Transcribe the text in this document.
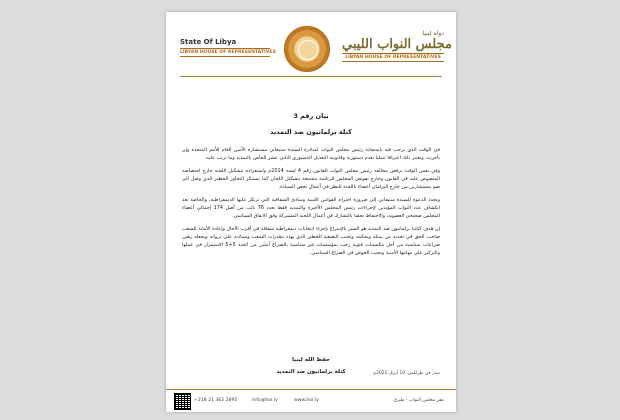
State Of Libya
LIBYAN HOUSE OF REPRESENTATIVES
دولة ليبيا
مجلس النواب الليبي
LIBYAN HOUSE OF REPRESENTATIVES
بيان رقم 3
كتلة برلمانيون ضد التمديد

في الوقت الذي نرحب فيه باستجابة رئيس مجلس النواب لمبادرة السيدة ستيفاني مستشارة الأمين العام للأمم المتحدة وإن تأخرت، ونعتبر ذلك اعترافا عمليا بعدم دستورية وقانونية التعديل الدستوري الثاني عشر الخاص بالتمديد وما ترتب عليه.

وفي نفس الوقت نرفض مخالفة رئيس مجلس النواب للقانون رقم 4 لسنة 2014م واستفراده بتشكيل اللجنة خارج اختصاصه المنصوص عليه في القانون وخارج تفويض المجلس للرئاسة مجتمعة بتشكيل اللجان كما نستنكر التجاوز الخطير الذي وصل الى ضم مستشارين من خارج البرلمان أعضاء باللجنة للنظر في أعمال تخص السيادة.

ونجدد الدعوة للسيدة ستيفاني إلى ضرورة احترام القوانين الليبية ومبادئ الشفافية التي ترتكز عليها الديمقراطية، والخاصة بعد انكشاف عدد النواب المؤيدين لإجراءات رئيس المجلس الأخيرة والتمديد فقط بعدد 76 نائب من أصل 174 إجمالي أعضاء المجلس صحيحي العضوية، والاحتفاظ بحقنا بالتشارك في أعمال اللجنة المشتركة وفق الاتفاق السياسي.

إن هدف كتلتنا برلمانيون ضد التمديد هو السير بالإسراع بإجراء انتخابات ديمقراطية شفافة في أقرب الآجال وإعادة الأمانة للشعب صاحب الحق في تحديد من يمثله ويحكمه وتجنب التصعيد الخطير الذي يهدد مقدرات الشعب وسيادته على ثرواته ويجعله رهين صراعات سياسية من أجل مكتسبات فئوية زجت بمؤسسات غير سياسية بالصراع أملين من الجنة 5+5 الاستمرار في عملها والتركيز على مهامها الأمنية وتجنب الخوض في الصراع السياسي.

حفظ الله ليبيا
كتلة برلمانيون ضد التمديد	صدر في طرابلس، 10 أبريل 2022م
+218 21 362 2895	info@hor.ly	www.hor.ly	مقر مجلس النواب - طبرق
